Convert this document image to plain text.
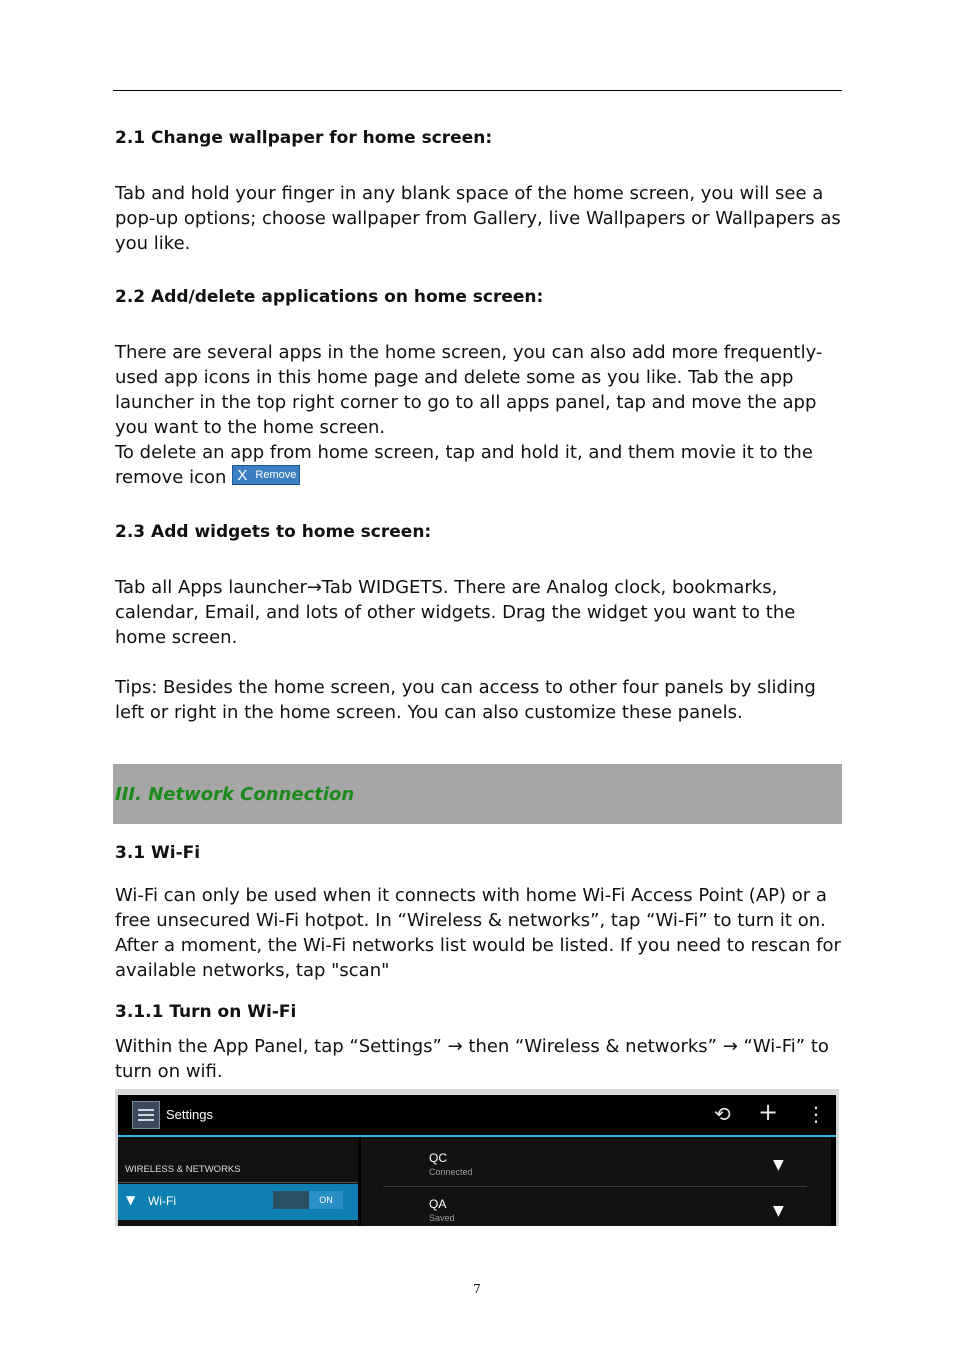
2.1 Change wallpaper for home screen:

Tab and hold your finger in any blank space of the home screen, you will see a pop-up options; choose wallpaper from Gallery, live Wallpapers or Wallpapers as you like.

2.2 Add/delete applications on home screen:

There are several apps in the home screen, you can also add more frequently-used app icons in this home page and delete some as you like. Tab the app launcher in the top right corner to go to all apps panel, tap and move the app you want to the home screen.

To delete an app from home screen, tap and hold it, and them movie it to the remove icon X Remove

2.3 Add widgets to home screen:

Tab all Apps launcher→Tab WIDGETS. There are Analog clock, bookmarks, calendar, Email, and lots of other widgets. Drag the widget you want to the home screen.

Tips: Besides the home screen, you can access to other four panels by sliding left or right in the home screen. You can also customize these panels.

III. Network Connection
3.1 Wi-Fi

Wi-Fi can only be used when it connects with home Wi-Fi Access Point (AP) or a free unsecured Wi-Fi hotpot. In “Wireless & networks”, tap “Wi-Fi” to turn it on. After a moment, the Wi-Fi networks list would be listed. If you need to rescan for available networks, tap "scan"

3.1.1 Turn on Wi-Fi

Within the App Panel, tap “Settings” → then “Wireless & networks” → “Wi-Fi” to turn on wifi.

Settings	⟲ + ⋮
WIRELESS & NETWORKS
▼ Wi-Fi	ON
QC
Connected	▼
QA
Saved	▼
7
